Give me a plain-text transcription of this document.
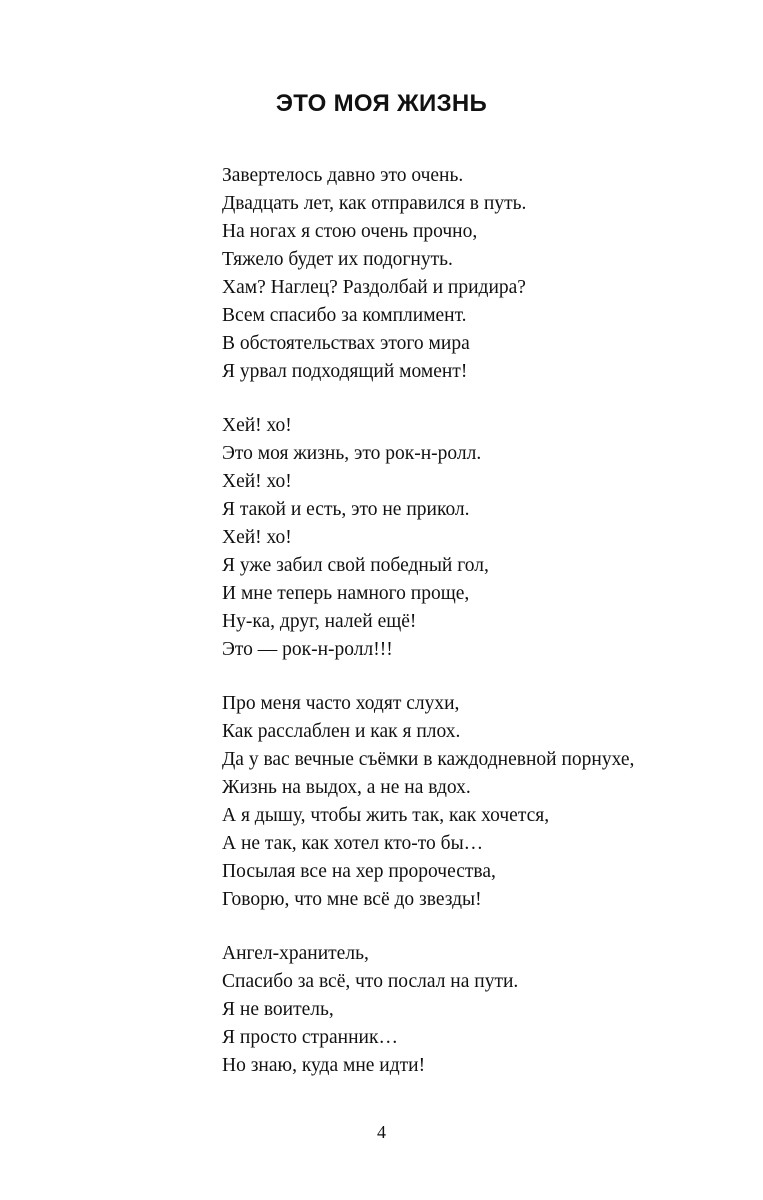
ЭТО МОЯ ЖИЗНЬ
Завертелось давно это очень.
Двадцать лет, как отправился в путь.
На ногах я стою очень прочно,
Тяжело будет их подогнуть.
Хам? Наглец? Раздолбай и придира?
Всем спасибо за комплимент.
В обстоятельствах этого мира
Я урвал подходящий момент!
Хей! хо!
Это моя жизнь, это рок-н-ролл.
Хей! хо!
Я такой и есть, это не прикол.
Хей! хо!
Я уже забил свой победный гол,
И мне теперь намного проще,
Ну-ка, друг, налей ещё!
Это — рок-н-ролл!!!
Про меня часто ходят слухи,
Как расслаблен и как я плох.
Да у вас вечные съёмки в каждодневной порнухе,
Жизнь на выдох, а не на вдох.
А я дышу, чтобы жить так, как хочется,
А не так, как хотел кто-то бы…
Посылая все на хер пророчества,
Говорю, что мне всё до звезды!
Ангел-хранитель,
Спасибо за всё, что послал на пути.
Я не воитель,
Я просто странник…
Но знаю, куда мне идти!
4
